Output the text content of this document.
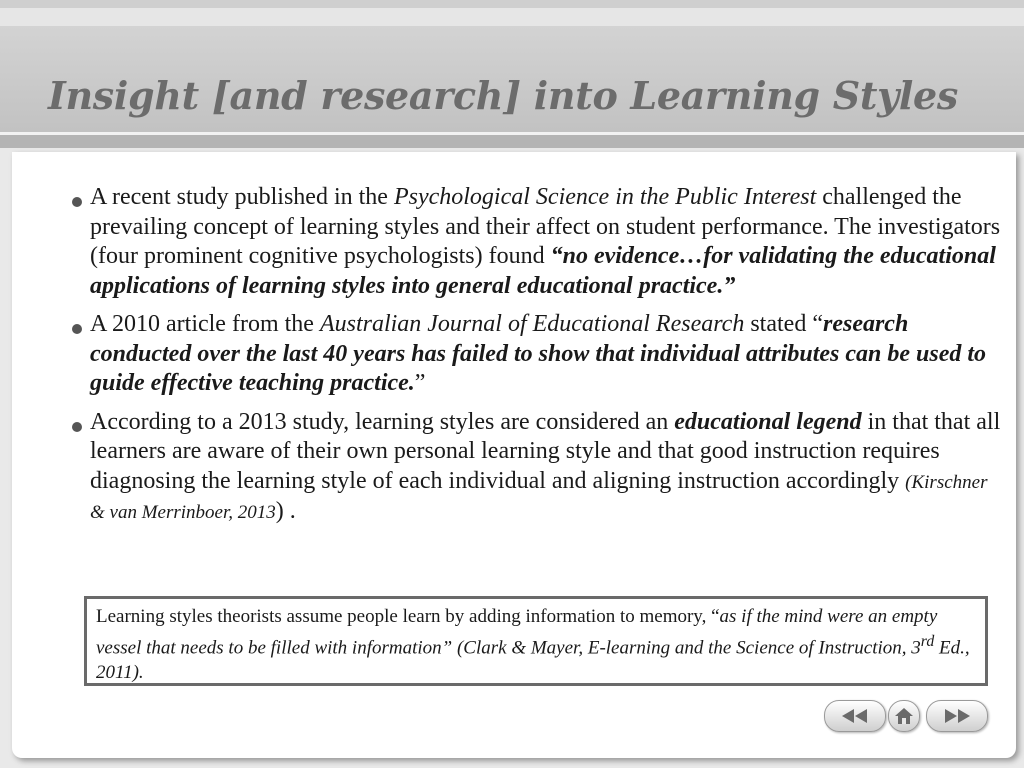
Insight [and research] into Learning Styles
A recent study published in the Psychological Science in the Public Interest challenged the prevailing concept of learning styles and their affect on student performance. The investigators (four prominent cognitive psychologists) found “no evidence…for validating the educational applications of learning styles into general educational practice.”
A 2010 article from the Australian Journal of Educational Research stated “research conducted over the last 40 years has failed to show that individual attributes can be used to guide effective teaching practice.”
According to a 2013 study, learning styles are considered an educational legend in that that all learners are aware of their own personal learning style and that good instruction requires diagnosing the learning style of each individual and aligning instruction accordingly (Kirschner & van Merrinboer, 2013) .
Learning styles theorists assume people learn by adding information to memory, “as if the mind were an empty vessel that needs to be filled with information” (Clark & Mayer, E-learning and the Science of Instruction, 3rd Ed., 2011).
